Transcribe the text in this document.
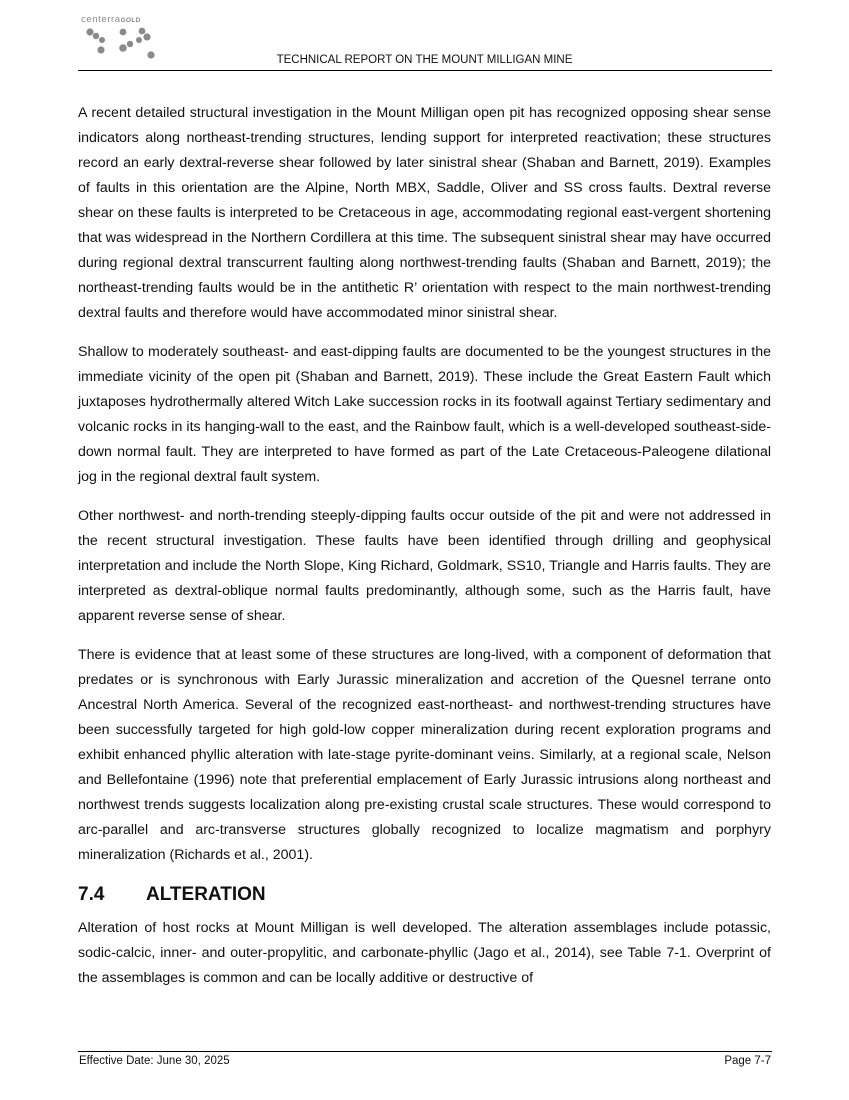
centerraGOLD
TECHNICAL REPORT ON THE MOUNT MILLIGAN MINE

A recent detailed structural investigation in the Mount Milligan open pit has recognized opposing shear sense indicators along northeast-trending structures, lending support for interpreted reactivation; these structures record an early dextral-reverse shear followed by later sinistral shear (Shaban and Barnett, 2019). Examples of faults in this orientation are the Alpine, North MBX, Saddle, Oliver and SS cross faults. Dextral reverse shear on these faults is interpreted to be Cretaceous in age, accommodating regional east-vergent shortening that was widespread in the Northern Cordillera at this time. The subsequent sinistral shear may have occurred during regional dextral transcurrent faulting along northwest-trending faults (Shaban and Barnett, 2019); the northeast-trending faults would be in the antithetic R’ orientation with respect to the main northwest-trending dextral faults and therefore would have accommodated minor sinistral shear.

Shallow to moderately southeast- and east-dipping faults are documented to be the youngest structures in the immediate vicinity of the open pit (Shaban and Barnett, 2019). These include the Great Eastern Fault which juxtaposes hydrothermally altered Witch Lake succession rocks in its footwall against Tertiary sedimentary and volcanic rocks in its hanging-wall to the east, and the Rainbow fault, which is a well-developed southeast-side-down normal fault. They are interpreted to have formed as part of the Late Cretaceous-Paleogene dilational jog in the regional dextral fault system.

Other northwest- and north-trending steeply-dipping faults occur outside of the pit and were not addressed in the recent structural investigation. These faults have been identified through drilling and geophysical interpretation and include the North Slope, King Richard, Goldmark, SS10, Triangle and Harris faults. They are interpreted as dextral-oblique normal faults predominantly, although some, such as the Harris fault, have apparent reverse sense of shear.

There is evidence that at least some of these structures are long-lived, with a component of deformation that predates or is synchronous with Early Jurassic mineralization and accretion of the Quesnel terrane onto Ancestral North America. Several of the recognized east-northeast- and northwest-trending structures have been successfully targeted for high gold-low copper mineralization during recent exploration programs and exhibit enhanced phyllic alteration with late-stage pyrite-dominant veins. Similarly, at a regional scale, Nelson and Bellefontaine (1996) note that preferential emplacement of Early Jurassic intrusions along northeast and northwest trends suggests localization along pre-existing crustal scale structures. These would correspond to arc-parallel and arc-transverse structures globally recognized to localize magmatism and porphyry mineralization (Richards et al., 2001).

7.4 ALTERATION

Alteration of host rocks at Mount Milligan is well developed. The alteration assemblages include potassic, sodic-calcic, inner- and outer-propylitic, and carbonate-phyllic (Jago et al., 2014), see Table 7-1. Overprint of the assemblages is common and can be locally additive or destructive of

Effective Date: June 30, 2025	Page 7-7
